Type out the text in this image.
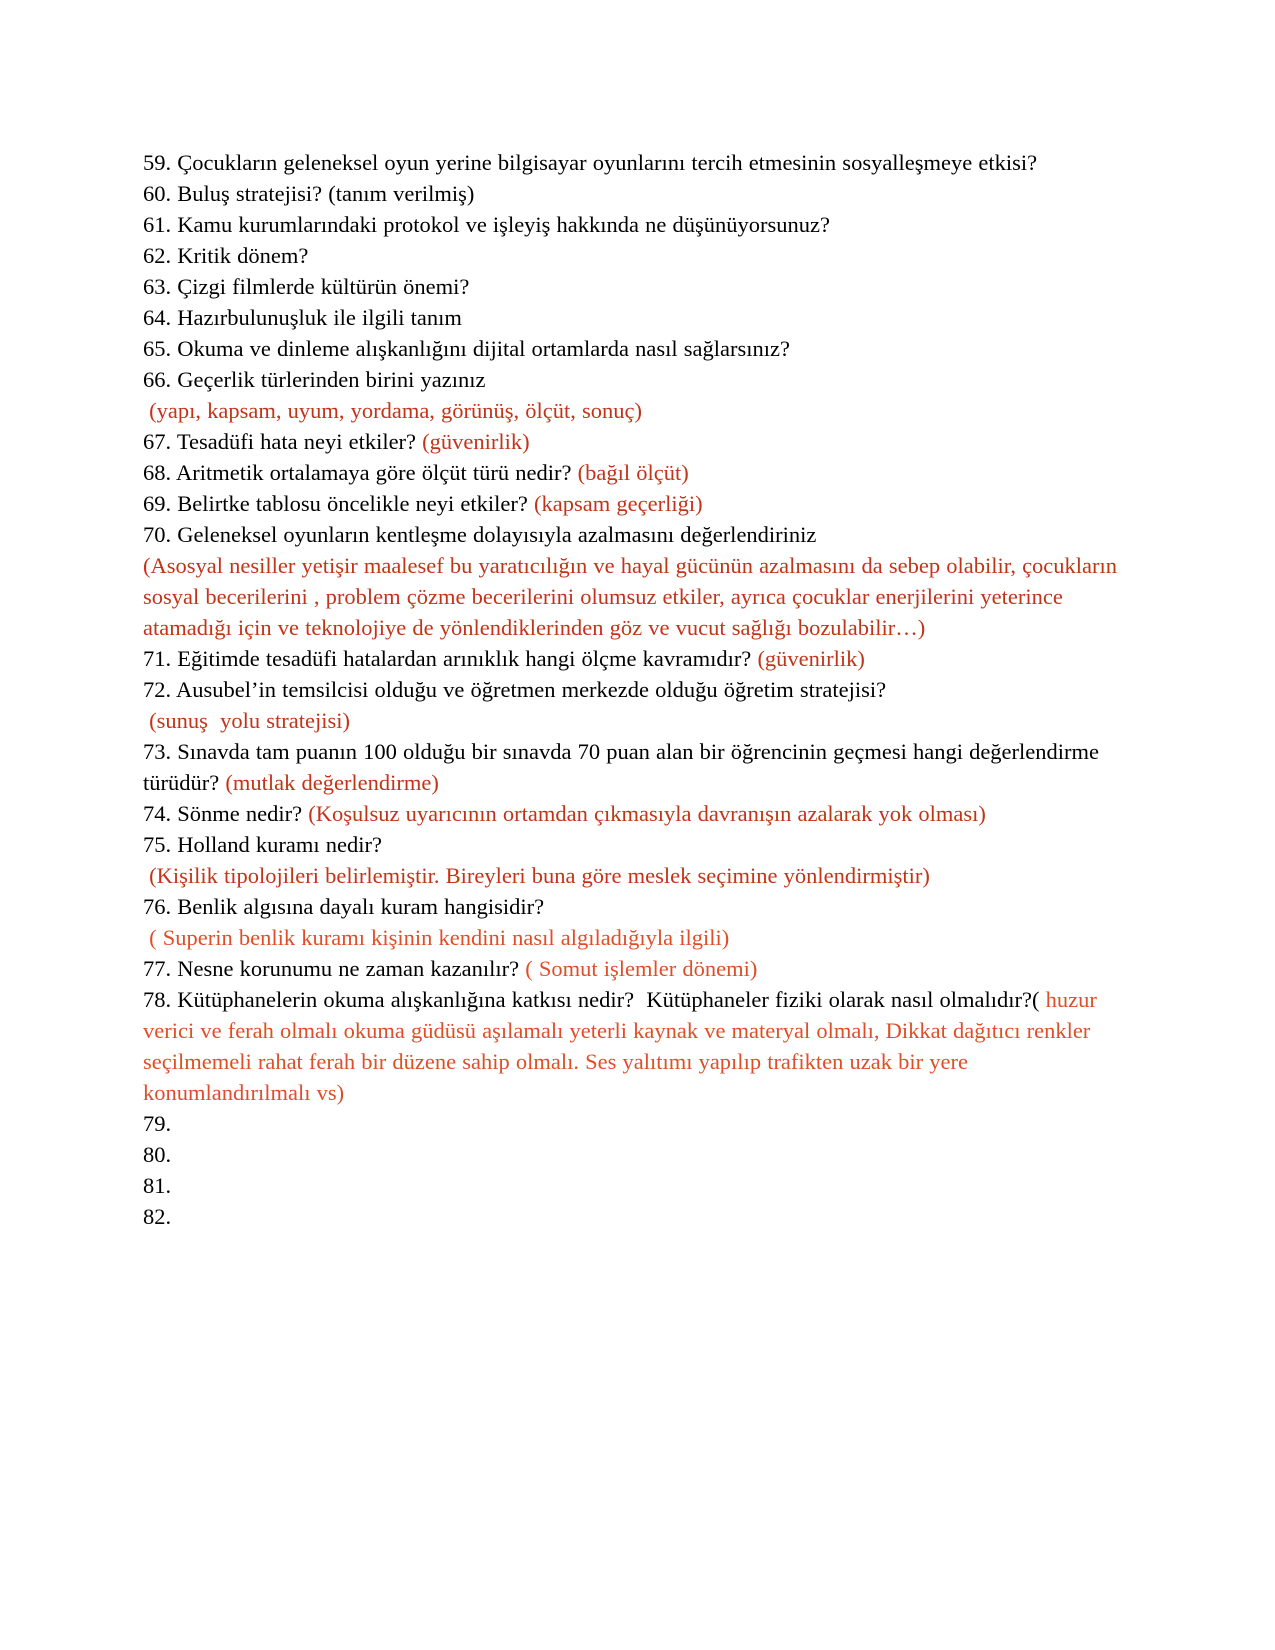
59. Çocukların geleneksel oyun yerine bilgisayar oyunlarını tercih etmesinin sosyalleşmeye etkisi?

60. Buluş stratejisi? (tanım verilmiş)

61. Kamu kurumlarındaki protokol ve işleyiş hakkında ne düşünüyorsunuz?

62. Kritik dönem?

63. Çizgi filmlerde kültürün önemi?

64. Hazırbulunuşluk ile ilgili tanım

65. Okuma ve dinleme alışkanlığını dijital ortamlarda nasıl sağlarsınız?

66. Geçerlik türlerinden birini yazınız

(yapı, kapsam, uyum, yordama, görünüş, ölçüt, sonuç)

67. Tesadüfi hata neyi etkiler? (güvenirlik)

68. Aritmetik ortalamaya göre ölçüt türü nedir? (bağıl ölçüt)

69. Belirtke tablosu öncelikle neyi etkiler? (kapsam geçerliği)

70. Geleneksel oyunların kentleşme dolayısıyla azalmasını değerlendiriniz

(Asosyal nesiller yetişir maalesef bu yaratıcılığın ve hayal gücünün azalmasını da sebep olabilir, çocukların sosyal becerilerini , problem çözme becerilerini olumsuz etkiler, ayrıca çocuklar enerjilerini yeterince atamadığı için ve teknolojiye de yönlendiklerinden göz ve vucut sağlığı bozulabilir…)

71. Eğitimde tesadüfi hatalardan arınıklık hangi ölçme kavramıdır? (güvenirlik)

72. Ausubel’in temsilcisi olduğu ve öğretmen merkezde olduğu öğretim stratejisi?

(sunuş  yolu stratejisi)

73. Sınavda tam puanın 100 olduğu bir sınavda 70 puan alan bir öğrencinin geçmesi hangi değerlendirme türüdür? (mutlak değerlendirme)

74. Sönme nedir? (Koşulsuz uyarıcının ortamdan çıkmasıyla davranışın azalarak yok olması)

75. Holland kuramı nedir?

(Kişilik tipolojileri belirlemiştir. Bireyleri buna göre meslek seçimine yönlendirmiştir)

76. Benlik algısına dayalı kuram hangisidir?

( Superin benlik kuramı kişinin kendini nasıl algıladığıyla ilgili)

77. Nesne korunumu ne zaman kazanılır? ( Somut işlemler dönemi)

78. Kütüphanelerin okuma alışkanlığına katkısı nedir?  Kütüphaneler fiziki olarak nasıl olmalıdır?( huzur verici ve ferah olmalı okuma güdüsü aşılamalı yeterli kaynak ve materyal olmalı, Dikkat dağıtıcı renkler seçilmemeli rahat ferah bir düzene sahip olmalı. Ses yalıtımı yapılıp trafikten uzak bir yere konumlandırılmalı vs)

79.

80.

81.

82.
